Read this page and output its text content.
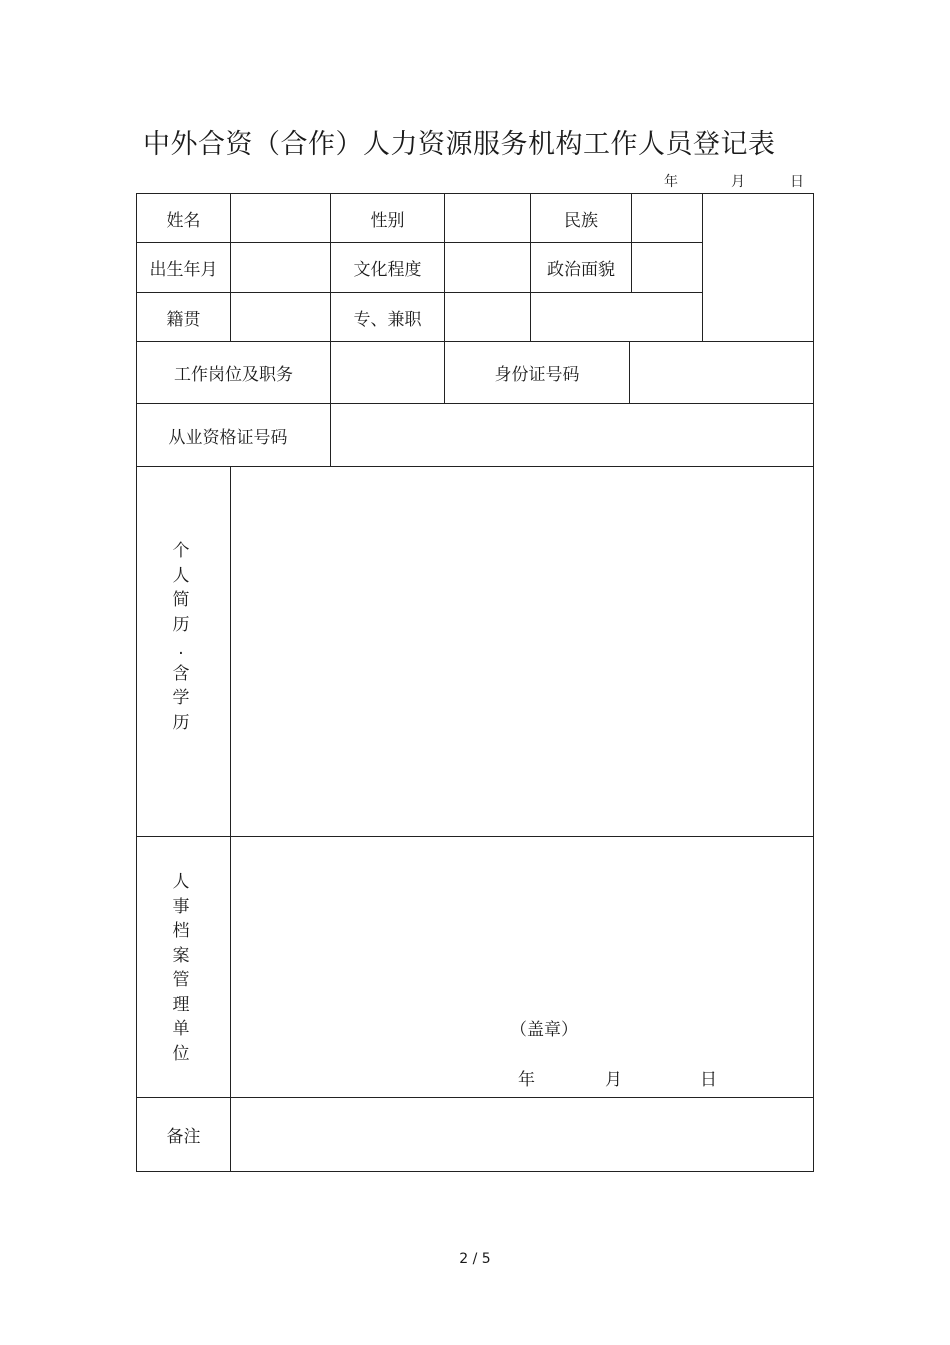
中外合资（合作）人力资源服务机构工作人员登记表
年	月	日
姓名	性别	民族
出生年月	文化程度	政治面貌
籍贯	专、兼职
工作岗位及职务	身份证号码
从业资格证号码
个
人
简
历
.
含
学
历
人
事
档
案
管
理
单
位
（盖章）
年	月	日
备注
2 / 5
